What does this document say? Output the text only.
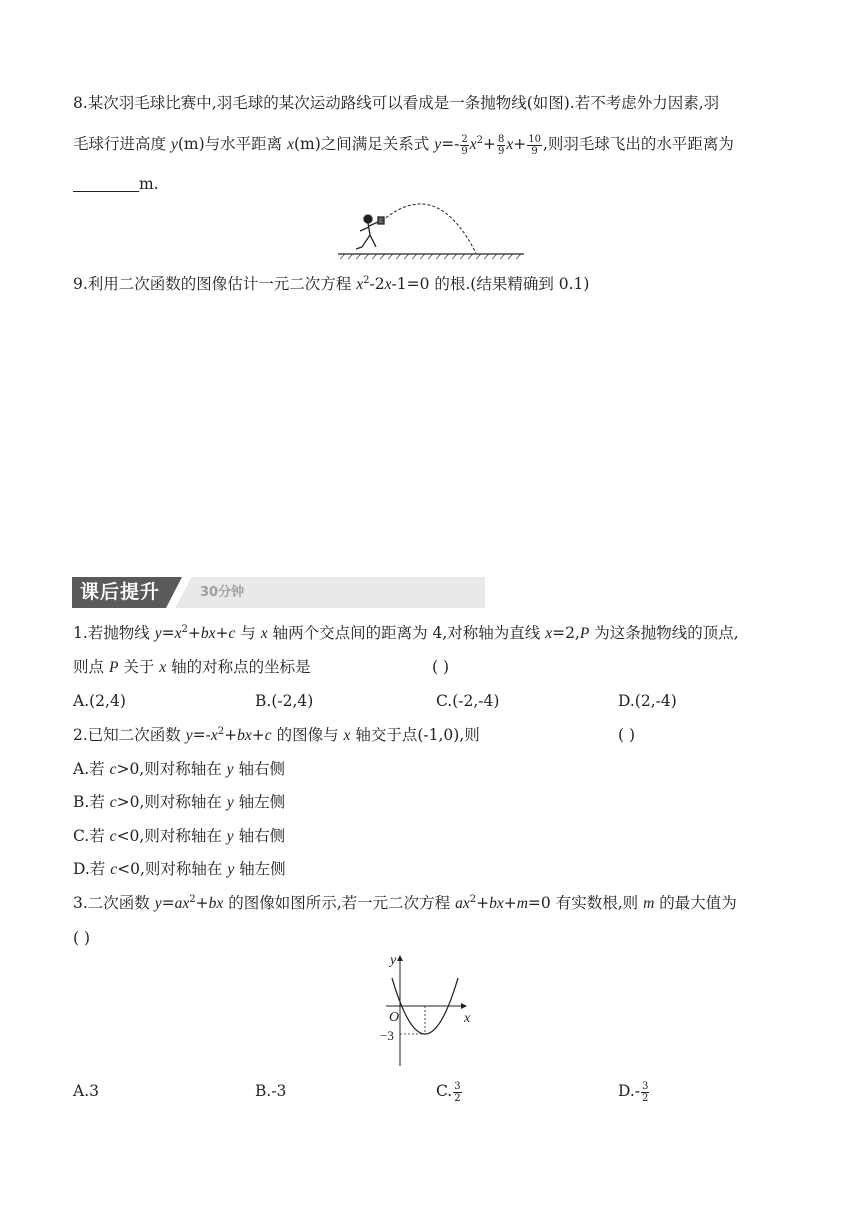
8.某次羽毛球比赛中,羽毛球的某次运动路线可以看成是一条抛物线(如图).若不考虑外力因素,羽
毛球行进高度 y(m)与水平距离 x(m)之间满足关系式 $y=- \frac{2}{9} x^2+ \frac{8}{9} x+ \frac{10}{9}$ ,则羽毛球飞出的水平距离为
m.
9.利用二次函数的图像估计一元二次方程 $x^2-2x-1=0$ 的根.(结果精确到 0.1)
课后提升	30分钟
1.若抛物线 $y=x^2+bx+c$ 与 x 轴两个交点间的距离为 4,对称轴为直线 x=2,P 为这条抛物线的顶点,
则点 P 关于 x 轴的对称点的坐标是	( )
A.(2,4)	B.(-2,4)	C.(-2,-4)	D.(2,-4)
2.已知二次函数 $y=-x^2+bx+c$ 的图像与 x 轴交于点(-1,0),则	( )
A.若 c>0,则对称轴在 y 轴右侧
B.若 c>0,则对称轴在 y 轴左侧
C.若 c<0,则对称轴在 y 轴右侧
D.若 c<0,则对称轴在 y 轴左侧
3.二次函数 $y=ax^2+bx$ 的图像如图所示,若一元二次方程 $ax^2+bx+m=0$ 有实数根,则 m 的最大值为
( )
y
x
O
−3
A.3	B.-3	C. $\frac{3}{2}$	$D.- \frac{3}{2}$
